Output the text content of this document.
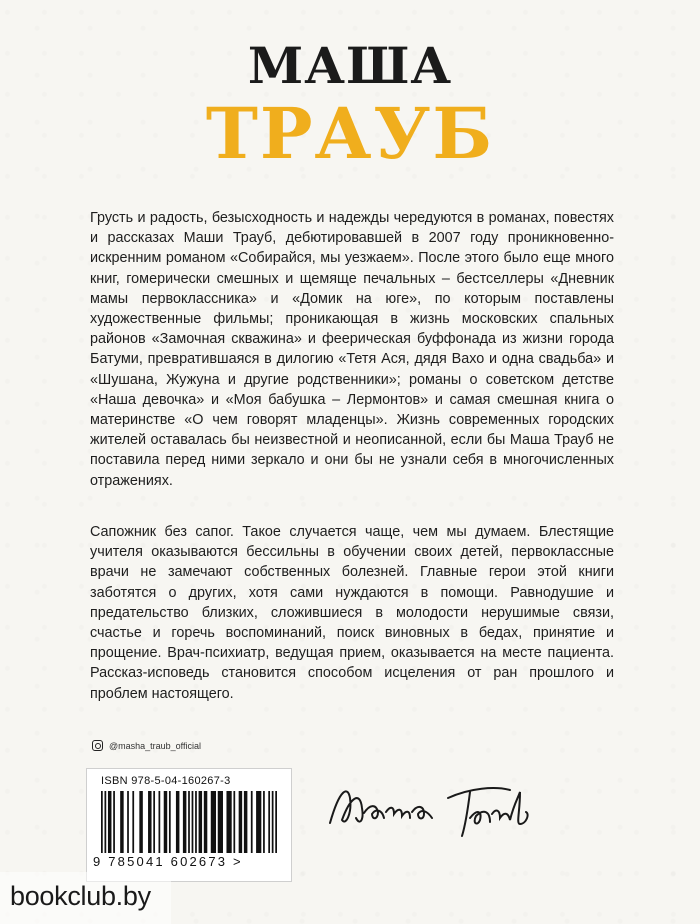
МАША
ТРАУБ

Грусть и радость, безысходность и надежды чередуются в романах, повестях и рассказах Маши Трауб, дебютировавшей в 2007 году проникновенно-искренним романом «Собирайся, мы уезжаем». После этого было еще много книг, гомерически смешных и щемяще печальных – бестселлеры «Дневник мамы первоклассника» и «Домик на юге», по которым поставлены художественные фильмы; проникающая в жизнь московских спальных районов «Замочная скважина» и феерическая буффонада из жизни города Батуми, превратившаяся в дилогию «Тетя Ася, дядя Вахо и одна свадьба» и «Шушана, Жужуна и другие родственники»; романы о советском детстве «Наша девочка» и «Моя бабушка – Лермонтов» и самая смешная книга о материнстве «О чем говорят младенцы». Жизнь современных городских жителей оставалась бы неизвестной и неописанной, если бы Маша Трауб не поставила перед ними зеркало и они бы не узнали себя в многочисленных отражениях.

Сапожник без сапог. Такое случается чаще, чем мы думаем. Блестящие учителя оказываются бессильны в обучении своих детей, первоклассные врачи не замечают собственных болезней. Главные герои этой книги заботятся о других, хотя сами нуждаются в помощи. Равнодушие и предательство близких, сложившиеся в молодости нерушимые связи, счастье и горечь воспоминаний, поиск виновных в бедах, принятие и прощение. Врач-психиатр, ведущая прием, оказывается на месте пациента. Рассказ-исповедь становится способом исцеления от ран прошлого и проблем настоящего.

@masha_traub_official
ISBN 978-5-04-160267-3
9 785041 602673 >
bookclub.by
